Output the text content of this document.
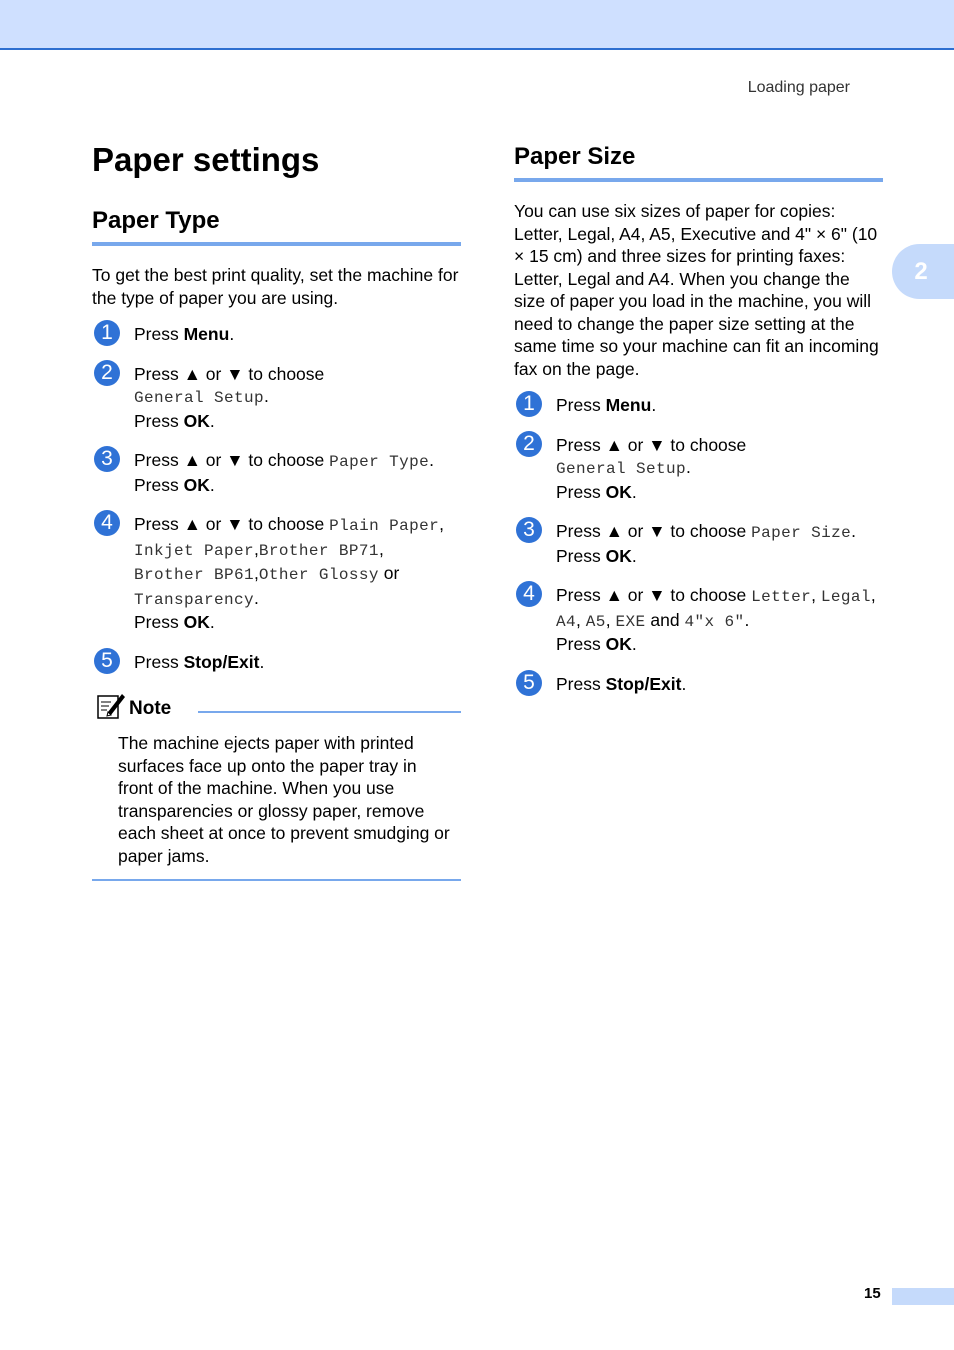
Loading paper
2
Paper settings
Paper Type

To get the best print quality, set the machine for the type of paper you are using.

1	Press Menu.
2	Press ▲ or ▼ to choose
General Setup.
Press OK.
3	Press ▲ or ▼ to choose Paper Type.
Press OK.
4	Press ▲ or ▼ to choose Plain Paper,
Inkjet Paper,Brother BP71,
Brother BP61,Other Glossy or
Transparency.
Press OK.
5	Press Stop/Exit.
Note

The machine ejects paper with printed surfaces face up onto the paper tray in front of the machine. When you use transparencies or glossy paper, remove each sheet at once to prevent smudging or paper jams.

Paper Size

You can use six sizes of paper for copies: Letter, Legal, A4, A5, Executive and 4" × 6" (10 × 15 cm) and three sizes for printing faxes: Letter, Legal and A4. When you change the size of paper you load in the machine, you will need to change the paper size setting at the same time so your machine can fit an incoming fax on the page.

1	Press Menu.
2	Press ▲ or ▼ to choose
General Setup.
Press OK.
3	Press ▲ or ▼ to choose Paper Size.
Press OK.
4	Press ▲ or ▼ to choose Letter, Legal,
A4, A5, EXE and 4"x 6".
Press OK.
5	Press Stop/Exit.
15
